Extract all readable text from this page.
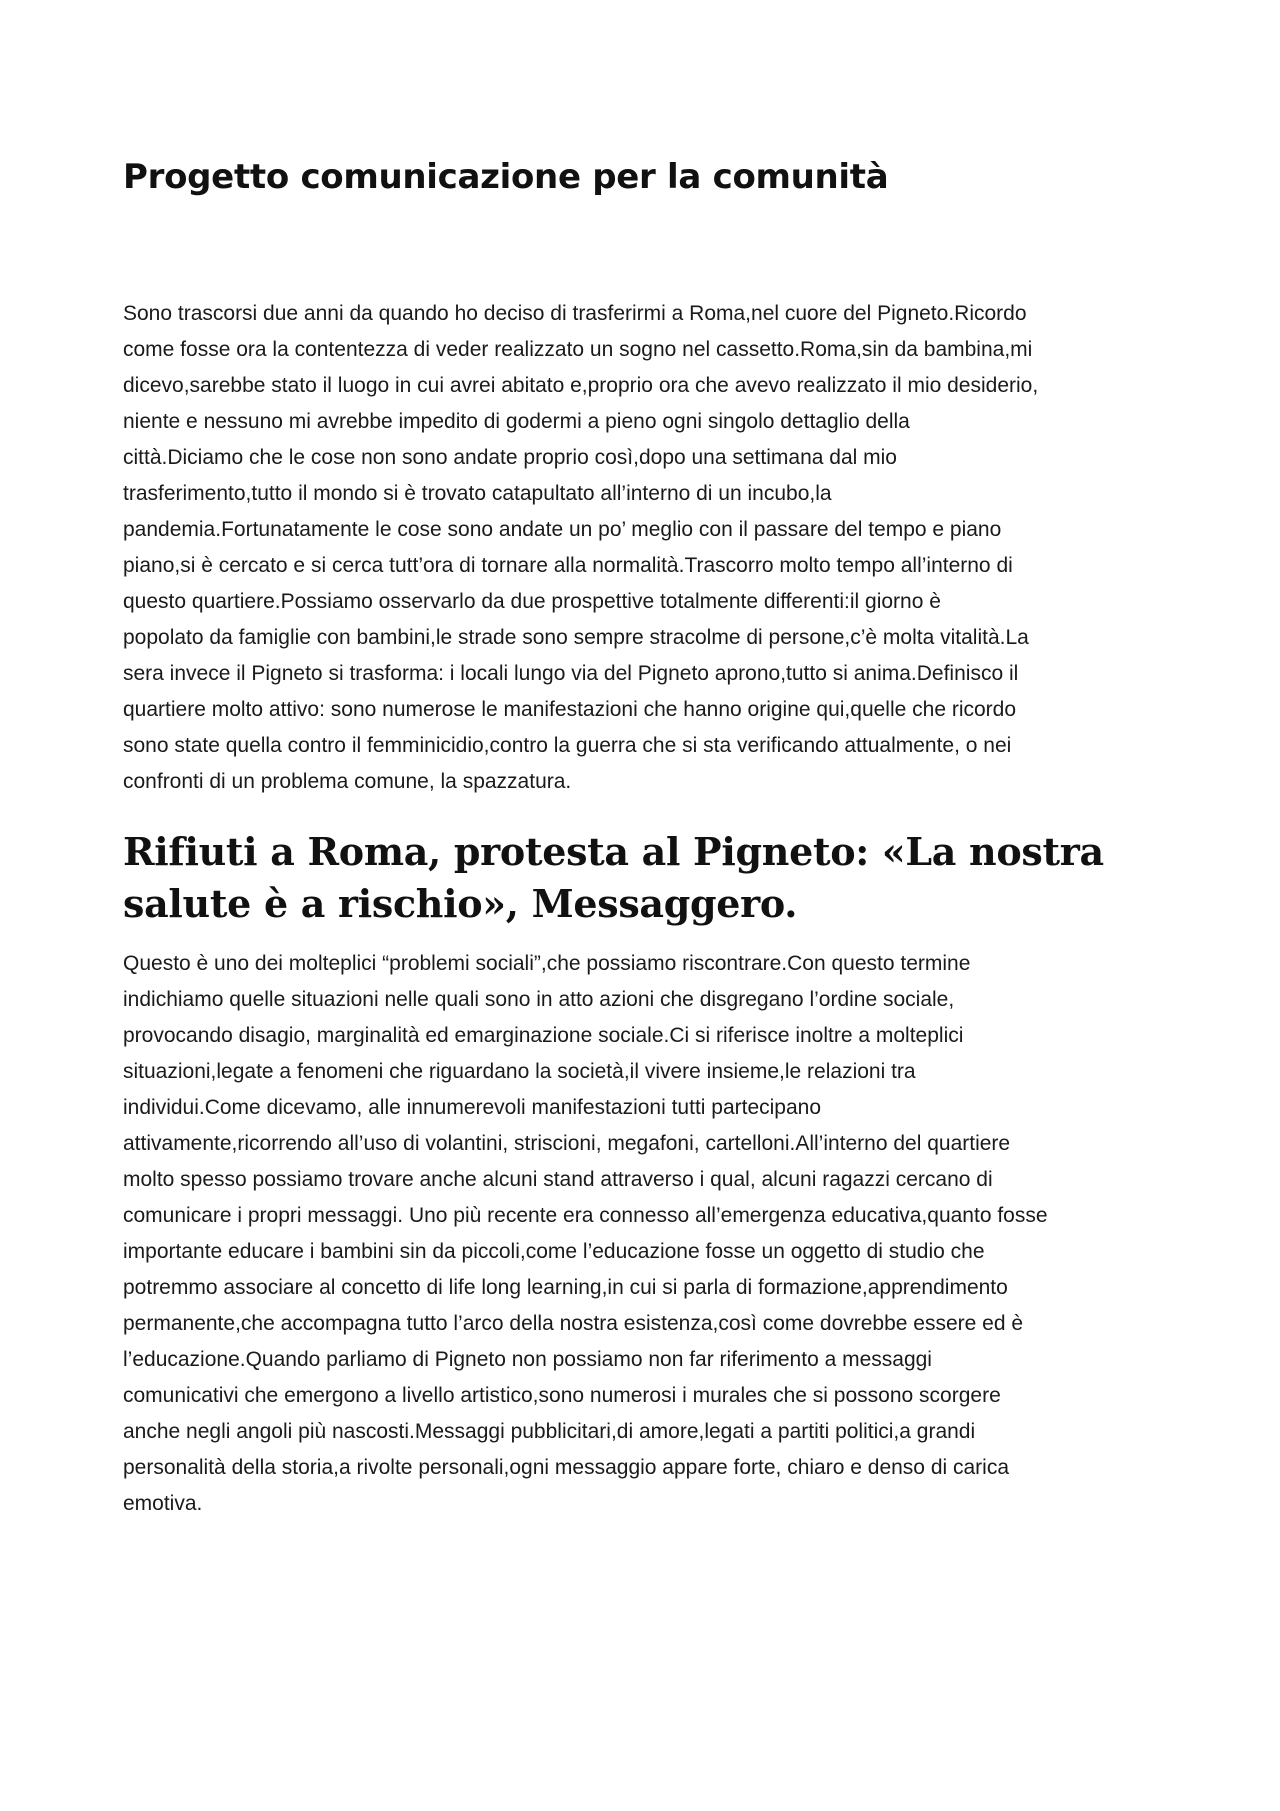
Progetto comunicazione per la comunità

Sono trascorsi due anni da quando ho deciso di trasferirmi a Roma,nel cuore del Pigneto.Ricordo
come fosse ora la contentezza di veder realizzato un sogno nel cassetto.Roma,sin da bambina,mi
dicevo,sarebbe stato il luogo in cui avrei abitato e,proprio ora che avevo realizzato il mio desiderio,
niente e nessuno mi avrebbe impedito di godermi a pieno ogni singolo dettaglio della
città.Diciamo che le cose non sono andate proprio così,dopo una settimana dal mio
trasferimento,tutto il mondo si è trovato catapultato all’interno di un incubo,la
pandemia.Fortunatamente le cose sono andate un po’ meglio con il passare del tempo e piano
piano,si è cercato e si cerca tutt’ora di tornare alla normalità.Trascorro molto tempo all’interno di
questo quartiere.Possiamo osservarlo da due prospettive totalmente differenti:il giorno è
popolato da famiglie con bambini,le strade sono sempre stracolme di persone,c’è molta vitalità.La
sera invece il Pigneto si trasforma: i locali lungo via del Pigneto aprono,tutto si anima.Definisco il
quartiere molto attivo: sono numerose le manifestazioni che hanno origine qui,quelle che ricordo
sono state quella contro il femminicidio,contro la guerra che si sta verificando attualmente, o nei
confronti di un problema comune, la spazzatura.

Rifiuti a Roma, protesta al Pigneto: «La nostra
salute è a rischio», Messaggero.

Questo è uno dei molteplici “problemi sociali”,che possiamo riscontrare.Con questo termine
indichiamo quelle situazioni nelle quali sono in atto azioni che disgregano l’ordine sociale,
provocando disagio, marginalità ed emarginazione sociale.Ci si riferisce inoltre a molteplici
situazioni,legate a fenomeni che riguardano la società,il vivere insieme,le relazioni tra
individui.Come dicevamo, alle innumerevoli manifestazioni tutti partecipano
attivamente,ricorrendo all’uso di volantini, striscioni, megafoni, cartelloni.All’interno del quartiere
molto spesso possiamo trovare anche alcuni stand attraverso i qual, alcuni ragazzi cercano di
comunicare i propri messaggi. Uno più recente era connesso all’emergenza educativa,quanto fosse
importante educare i bambini sin da piccoli,come l’educazione fosse un oggetto di studio che
potremmo associare al concetto di life long learning,in cui si parla di formazione,apprendimento
permanente,che accompagna tutto l’arco della nostra esistenza,così come dovrebbe essere ed è
l’educazione.Quando parliamo di Pigneto non possiamo non far riferimento a messaggi
comunicativi che emergono a livello artistico,sono numerosi i murales che si possono scorgere
anche negli angoli più nascosti.Messaggi pubblicitari,di amore,legati a partiti politici,a grandi
personalità della storia,a rivolte personali,ogni messaggio appare forte, chiaro e denso di carica
emotiva.
